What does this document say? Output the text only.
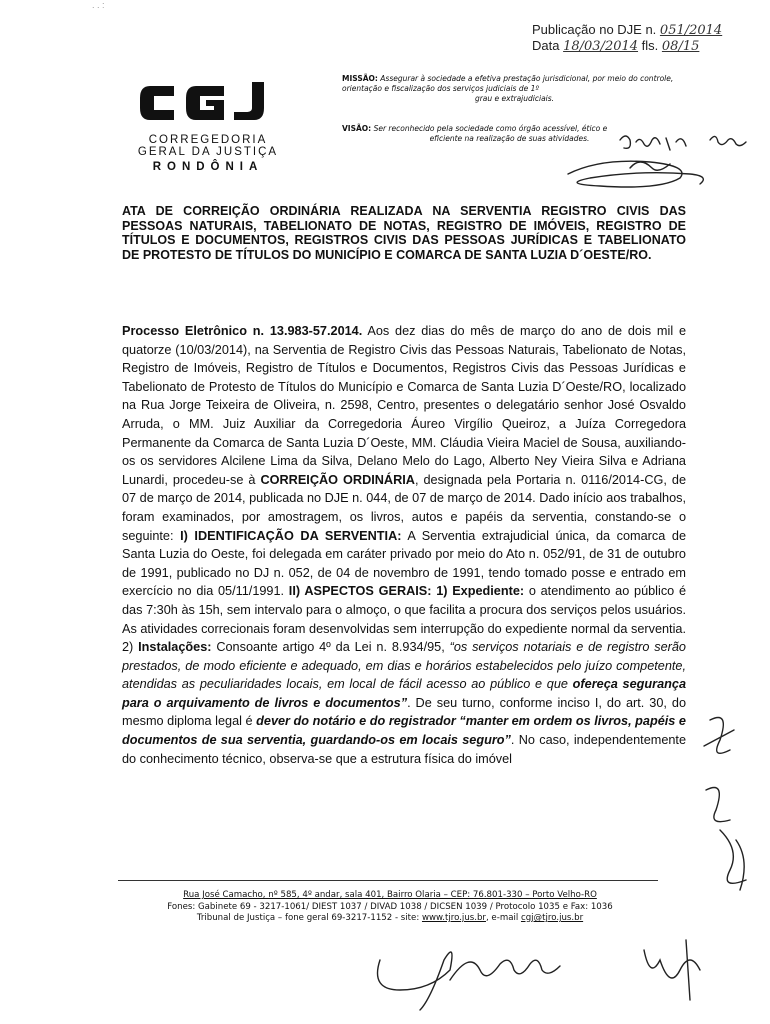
. . :
Publicação no DJE n. 051/2014
Data 18/03/2014 fls. 08/15
CORREGEDORIA
GERAL DA JUSTIÇA
RONDÔNIA
MISSÃO: Assegurar à sociedade a efetiva prestação jurisdicional, por meio do controle, orientação e fiscalização dos serviços judiciais de 1º
grau e extrajudiciais.
VISÃO: Ser reconhecido pela sociedade como órgão acessível, ético e
eficiente na realização de suas atividades.
ATA DE CORREIÇÃO ORDINÁRIA REALIZADA NA SERVENTIA REGISTRO CIVIS DAS PESSOAS NATURAIS, TABELIONATO DE NOTAS, REGISTRO DE IMÓVEIS, REGISTRO DE TÍTULOS E DOCUMENTOS, REGISTROS CIVIS DAS PESSOAS JURÍDICAS E TABELIONATO DE PROTESTO DE TÍTULOS DO MUNICÍPIO E COMARCA DE SANTA LUZIA D´OESTE/RO.
Processo Eletrônico n. 13.983-57.2014. Aos dez dias do mês de março do ano de dois mil e quatorze (10/03/2014), na Serventia de Registro Civis das Pessoas Naturais, Tabelionato de Notas, Registro de Imóveis, Registro de Títulos e Documentos, Registros Civis das Pessoas Jurídicas e Tabelionato de Protesto de Títulos do Município e Comarca de Santa Luzia D´Oeste/RO, localizado na Rua Jorge Teixeira de Oliveira, n. 2598, Centro, presentes o delegatário senhor José Osvaldo Arruda, o MM. Juiz Auxiliar da Corregedoria Áureo Virgílio Queiroz, a Juíza Corregedora Permanente da Comarca de Santa Luzia D´Oeste, MM. Cláudia Vieira Maciel de Sousa, auxiliando-os os servidores Alcilene Lima da Silva, Delano Melo do Lago, Alberto Ney Vieira Silva e Adriana Lunardi, procedeu-se à CORREIÇÃO ORDINÁRIA, designada pela Portaria n. 0116/2014-CG, de 07 de março de 2014, publicada no DJE n. 044, de 07 de março de 2014. Dado início aos trabalhos, foram examinados, por amostragem, os livros, autos e papéis da serventia, constando-se o seguinte: I) IDENTIFICAÇÃO DA SERVENTIA: A Serventia extrajudicial única, da comarca de Santa Luzia do Oeste, foi delegada em caráter privado por meio do Ato n. 052/91, de 31 de outubro de 1991, publicado no DJ n. 052, de 04 de novembro de 1991, tendo tomado posse e entrado em exercício no dia 05/11/1991. II) ASPECTOS GERAIS: 1) Expediente: o atendimento ao público é das 7:30h às 15h, sem intervalo para o almoço, o que facilita a procura dos serviços pelos usuários. As atividades correcionais foram desenvolvidas sem interrupção do expediente normal da serventia. 2) Instalações: Consoante artigo 4º da Lei n. 8.934/95, “os serviços notariais e de registro serão prestados, de modo eficiente e adequado, em dias e horários estabelecidos pelo juízo competente, atendidas as peculiaridades locais, em local de fácil acesso ao público e que ofereça segurança para o arquivamento de livros e documentos”. De seu turno, conforme inciso I, do art. 30, do mesmo diploma legal é dever do notário e do registrador “manter em ordem os livros, papéis e documentos de sua serventia, guardando-os em locais seguro”. No caso, independentemente do conhecimento técnico, observa-se que a estrutura física do imóvel
Rua José Camacho, nº 585, 4º andar, sala 401, Bairro Olaria – CEP: 76.801-330 – Porto Velho-RO
Fones: Gabinete 69 - 3217-1061/ DIEST 1037 / DIVAD 1038 / DICSEN 1039 / Protocolo 1035 e Fax: 1036
Tribunal de Justiça – fone geral 69-3217-1152 - site: www.tjro.jus.br, e-mail cgj@tjro.jus.br
